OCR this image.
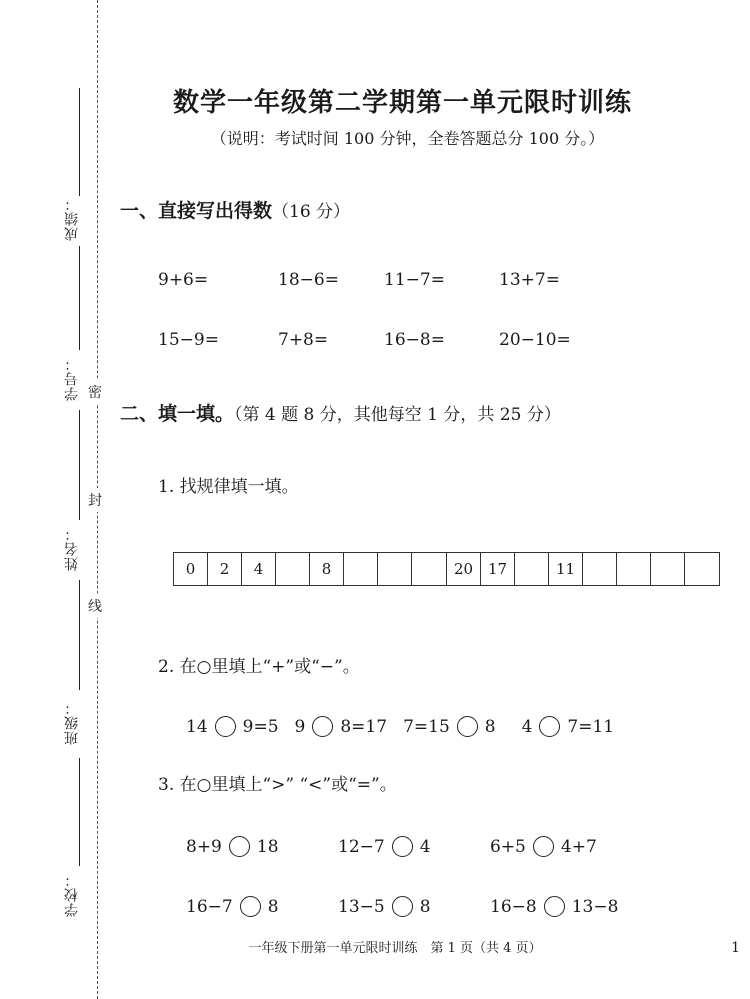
成绩：
学号：
姓名：
班级：
学校：
密
封
线
数学一年级第二学期第一单元限时训练
（说明：考试时间 100 分钟，全卷答题总分 100 分。）
一、直接写出得数（16 分）
9+6=	18−6=	11−7=	13+7=
15−9=	7+8=	16−8=	20−10=
二、填一填。（第 4 题 8 分，其他每空 1 分，共 25 分）
1. 找规律填一填。
0	2	4	8	20 17	11
2. 在○里填上“+”或“−”。
14 9=5 9 8=17 7=15 8 4 7=11
3. 在○里填上“>” “<”或“=”。
8+9 18	12−7 4	6+5 4+7
16−7 8	13−5 8	16−8 13−8
一年级下册第一单元限时训练　第 1 页（共 4 页）	1
